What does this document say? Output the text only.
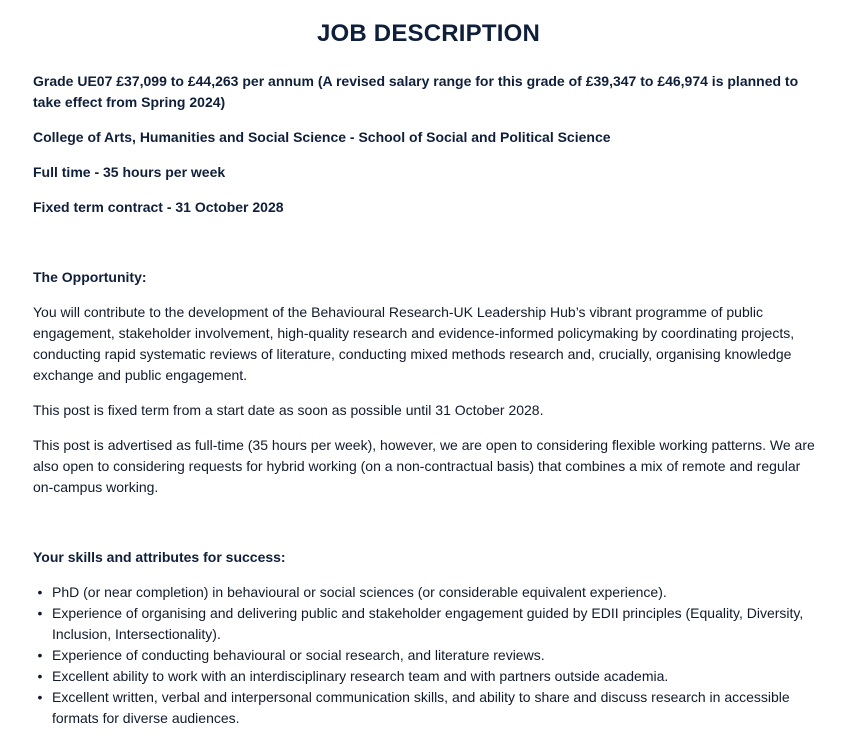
JOB DESCRIPTION

Grade UE07 £37,099 to £44,263 per annum (A revised salary range for this grade of £39,347 to £46,974 is planned to take effect from Spring 2024)

College of Arts, Humanities and Social Science - School of Social and Political Science

Full time - 35 hours per week

Fixed term contract - 31 October 2028

The Opportunity:

You will contribute to the development of the Behavioural Research-UK Leadership Hub’s vibrant programme of public engagement, stakeholder involvement, high-quality research and evidence-informed policymaking by coordinating projects, conducting rapid systematic reviews of literature, conducting mixed methods research and, crucially, organising knowledge exchange and public engagement.

This post is fixed term from a start date as soon as possible until 31 October 2028.

This post is advertised as full-time (35 hours per week), however, we are open to considering flexible working patterns. We are also open to considering requests for hybrid working (on a non-contractual basis) that combines a mix of remote and regular on-campus working.

Your skills and attributes for success:
• PhD (or near completion) in behavioural or social sciences (or considerable equivalent experience).
• Experience of organising and delivering public and stakeholder engagement guided by EDII principles (Equality, Diversity, Inclusion, Intersectionality).
• Experience of conducting behavioural or social research, and literature reviews.
• Excellent ability to work with an interdisciplinary research team and with partners outside academia.
• Excellent written, verbal and interpersonal communication skills, and ability to share and discuss research in accessible formats for diverse audiences.
